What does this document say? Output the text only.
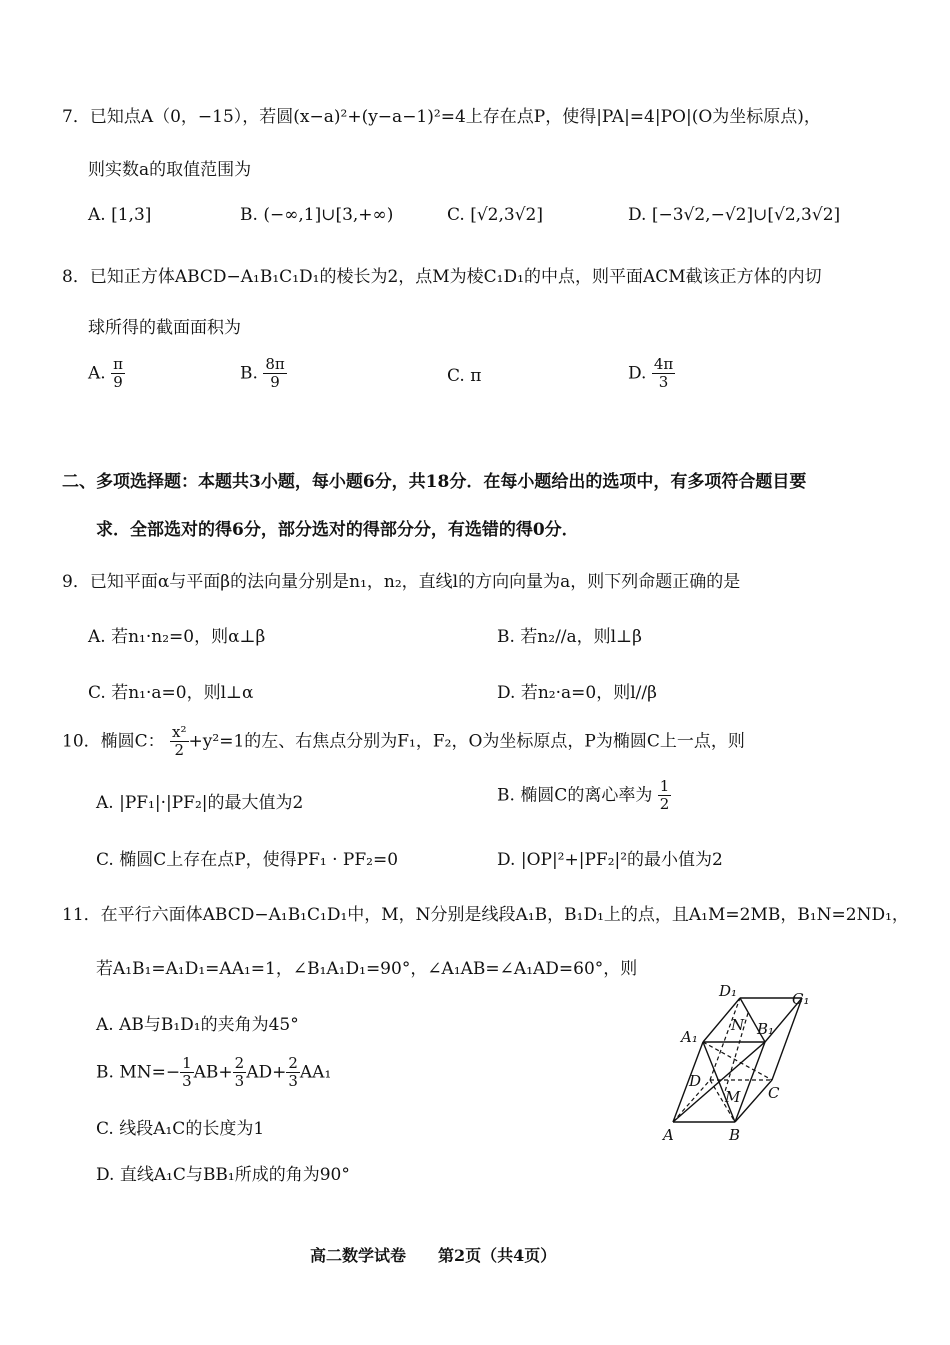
7．已知点A（0，−15），若圆(x−a)²+(y−a−1)²=4上存在点P，使得|PA|=4|PO|(O为坐标原点)，
则实数a的取值范围为
A. [1,3]	B. (−∞,1]∪[3,+∞)	C. [√2,3√2]	D. [−3√2,−√2]∪[√2,3√2]
8．已知正方体ABCD−A₁B₁C₁D₁的棱长为2，点M为棱C₁D₁的中点，则平面ACM截该正方体的内切
球所得的截面面积为
A. $\frac{\pi}{9}$	B. $\frac{8\pi}{9}$	C. π	D. $\frac{4\pi}{3}$
二、多项选择题：本题共3小题，每小题6分，共18分．在每小题给出的选项中，有多项符合题目要
求．全部选对的得6分，部分选对的得部分分，有选错的得0分．
9．已知平面α与平面β的法向量分别是n₁，n₂，直线l的方向向量为a，则下列命题正确的是
A. 若n₁·n₂=0，则α⊥β	B. 若n₂//a，则l⊥β
C. 若n₁·a=0，则l⊥α	D. 若n₂·a=0，则l//β
10．椭圆C： $\frac{\text{x²}}{2} +y^2=1$的左、右焦点分别为F₁，F₂，O为坐标原点，P为椭圆C上一点，则
A. |PF₁|·|PF₂|的最大值为2	B. 椭圆C的离心率为 $\frac{1}{2}$
C. 椭圆C上存在点P，使得PF₁ · PF₂=0	D. |OP|²+|PF₂|²的最小值为2
11．在平行六面体ABCD−A₁B₁C₁D₁中，M，N分别是线段A₁B，B₁D₁上的点，且A₁M=2MB，B₁N=2ND₁，
若A₁B₁=A₁D₁=AA₁=1，∠B₁A₁D₁=90°，∠A₁AB=∠A₁AD=60°，则
A. AB与B₁D₁的夹角为45°
B. $MN=- \frac{1}{3} AB+ \frac{2}{3} AD+ \frac{2}{3} AA_1$
C. 线段A₁C的长度为1
D. 直线A₁C与BB₁所成的角为90°
D₁	C₁
A₁	B₁
N
D
M C
A	B
高二数学试卷　　第2页（共4页）
